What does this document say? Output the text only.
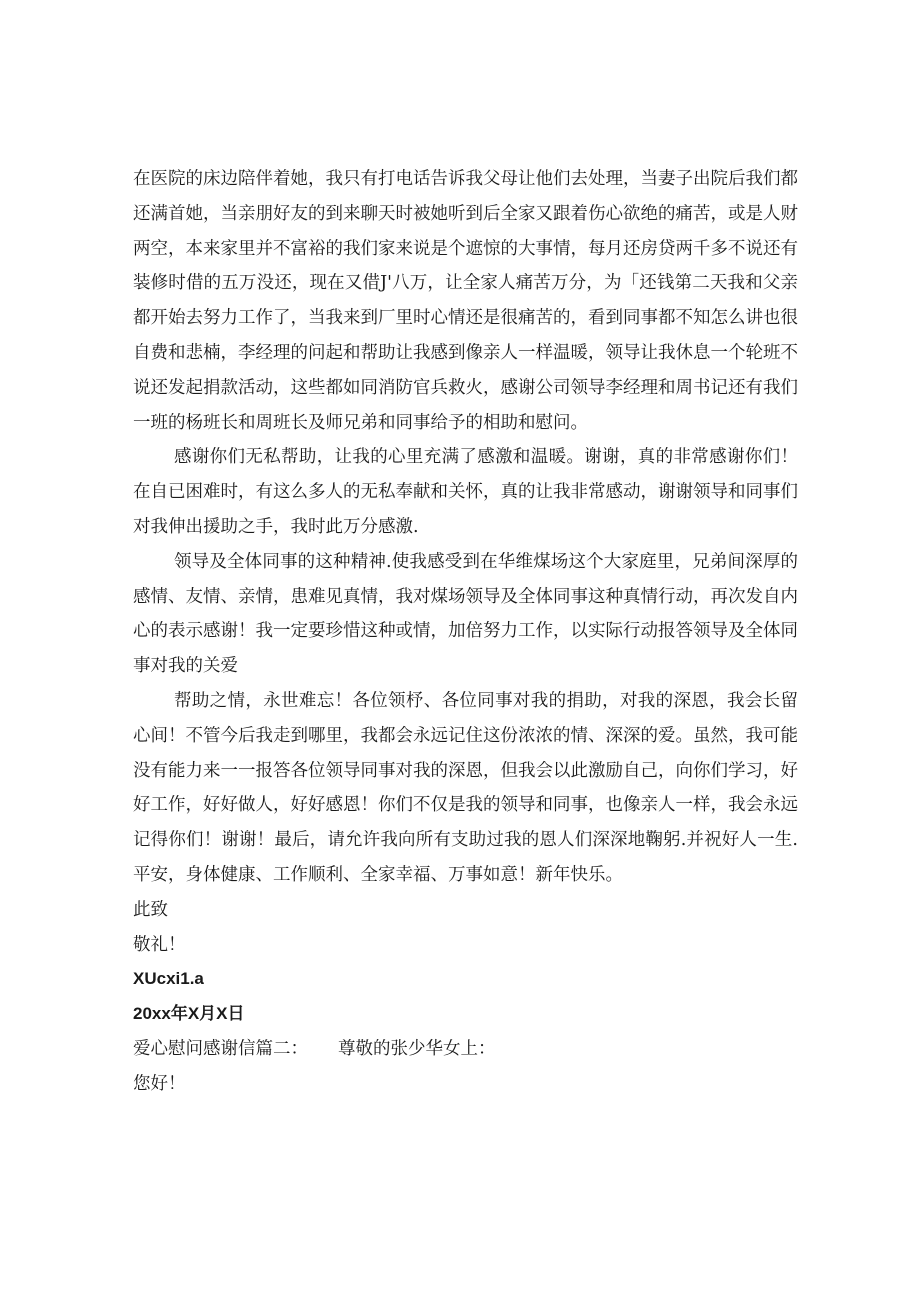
在医院的床边陪伴着她，我只有打电话告诉我父母让他们去处理，当妻子出院后我们都还满首她，当亲朋好友的到来聊天时被她听到后全家又跟着伤心欲绝的痛苦，或是人财两空，本来家里并不富裕的我们家来说是个遮惊的大事情，每月还房贷两千多不说还有装修时借的五万没还，现在又借J'八万，让全家人痛苦万分，为「还钱第二天我和父亲都开始去努力工作了，当我来到厂里时心情还是很痛苦的，看到同事都不知怎么讲也很自费和悲楠，李经理的问起和帮助让我感到像亲人一样温暖，领导让我休息一个轮班不说还发起捐款活动，这些都如同消防官兵救火，感谢公司领导李经理和周书记还有我们一班的杨班长和周班长及师兄弟和同事给予的相助和慰问。

感谢你们无私帮助，让我的心里充满了感激和温暖。谢谢，真的非常感谢你们！在自已困难时，有这么多人的无私奉献和关怀，真的让我非常感动，谢谢领导和同事们对我伸出援助之手，我时此万分感激.

领导及全体同事的这种精神.使我感受到在华维煤场这个大家庭里，兄弟间深厚的感情、友情、亲情，患难见真情，我对煤场领导及全体同事这种真情行动，再次发自内心的表示感谢！我一定要珍惜这种或情，加倍努力工作，以实际行动报答领导及全体同事对我的关爱

帮助之情，永世难忘！各位领杼、各位同事对我的捐助，对我的深恩，我会长留心间！不管今后我走到哪里，我都会永远记住这份浓浓的情、深深的爱。虽然，我可能没有能力来一一报答各位领导同事对我的深恩，但我会以此激励自己，向你们学习，好好工作，好好做人，好好感恩！你们不仅是我的领导和同事，也像亲人一样，我会永远记得你们！谢谢！最后，请允许我向所有支助过我的恩人们深深地鞠躬.并祝好人一生.平安，身体健康、工作顺利、全家幸福、万事如意！新年快乐。

此致

敬礼！

XUcxi1.a

20xx年X月X日

爱心慰问感谢信篇二：	尊敬的张少华女上：

您好！
